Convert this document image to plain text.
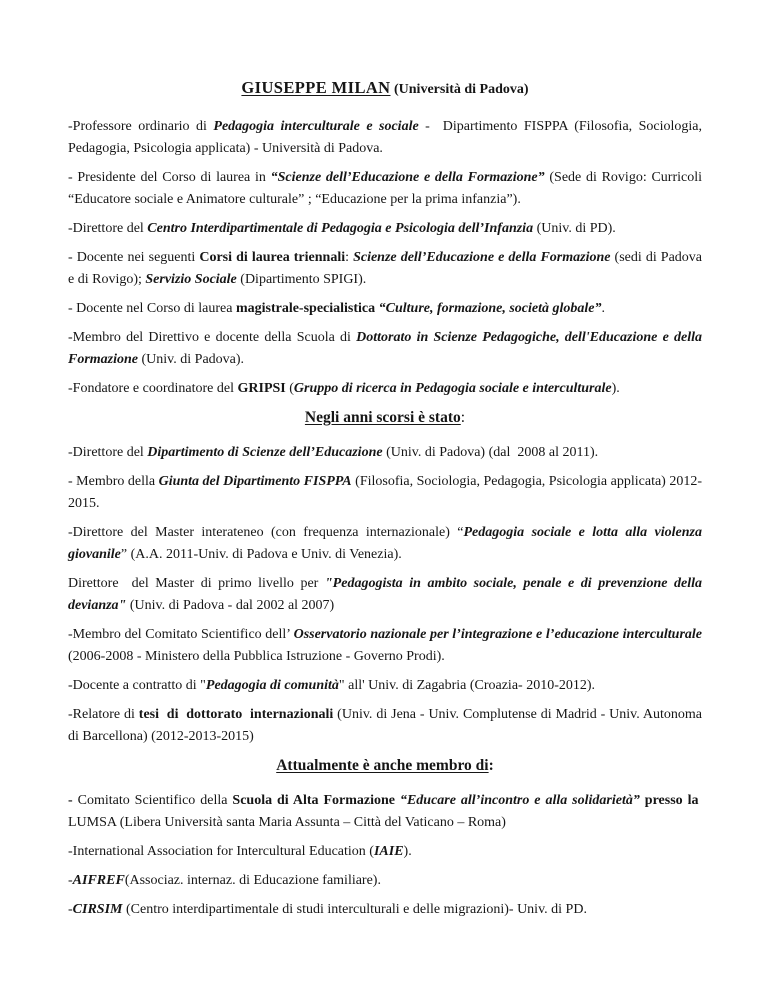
GIUSEPPE MILAN (Università di Padova)

-Professore ordinario di Pedagogia interculturale e sociale -  Dipartimento FISPPA (Filosofia, Sociologia, Pedagogia, Psicologia applicata) - Università di Padova.

- Presidente del Corso di laurea in “Scienze dell’Educazione e della Formazione” (Sede di Rovigo: Curricoli “Educatore sociale e Animatore culturale” ; “Educazione per la prima infanzia”).

-Direttore del Centro Interdipartimentale di Pedagogia e Psicologia dell’Infanzia (Univ. di PD).

- Docente nei seguenti Corsi di laurea triennali: Scienze dell’Educazione e della Formazione (sedi di Padova e di Rovigo); Servizio Sociale (Dipartimento SPIGI).

- Docente nel Corso di laurea magistrale-specialistica “Culture, formazione, società globale”.

-Membro del Direttivo e docente della Scuola di Dottorato in Scienze Pedagogiche, dell'Educazione e della Formazione (Univ. di Padova).

-Fondatore e coordinatore del GRIPSI (Gruppo di ricerca in Pedagogia sociale e interculturale).

Negli anni scorsi è stato:

-Direttore del Dipartimento di Scienze dell’Educazione (Univ. di Padova) (dal  2008 al 2011).

- Membro della Giunta del Dipartimento FISPPA (Filosofia, Sociologia, Pedagogia, Psicologia applicata) 2012-2015.

-Direttore del Master interateneo (con frequenza internazionale) “Pedagogia sociale e lotta alla violenza giovanile” (A.A. 2011-Univ. di Padova e Univ. di Venezia).

Direttore  del Master di primo livello per "Pedagogista in ambito sociale, penale e di prevenzione della devianza" (Univ. di Padova - dal 2002 al 2007)

-Membro del Comitato Scientifico dell’ Osservatorio nazionale per l’integrazione e l’educazione interculturale (2006-2008 - Ministero della Pubblica Istruzione - Governo Prodi).

-Docente a contratto di "Pedagogia di comunità" all' Univ. di Zagabria (Croazia- 2010-2012).

-Relatore di tesi  di  dottorato  internazionali (Univ. di Jena - Univ. Complutense di Madrid - Univ. Autonoma di Barcellona) (2012-2013-2015)

Attualmente è anche membro di:

- Comitato Scientifico della Scuola di Alta Formazione “Educare all’incontro e alla solidarietà” presso la  LUMSA (Libera Università santa Maria Assunta – Città del Vaticano – Roma)

-International Association for Intercultural Education (IAIE).

-AIFREF(Associaz. internaz. di Educazione familiare).

-CIRSIM (Centro interdipartimentale di studi interculturali e delle migrazioni)- Univ. di PD.
